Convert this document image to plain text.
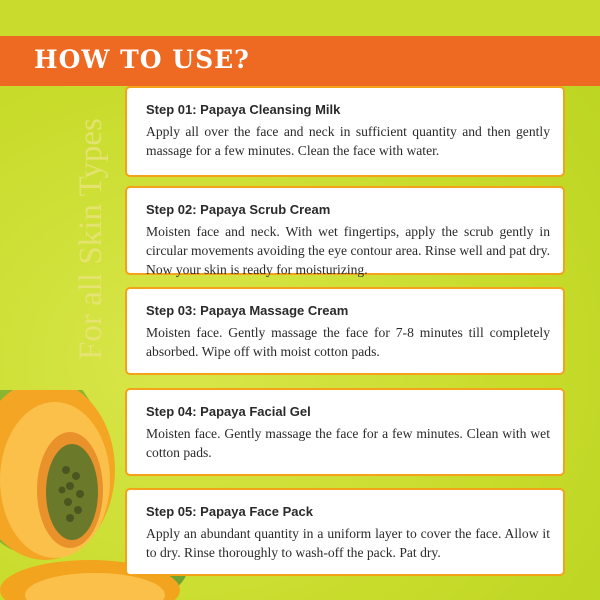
HOW TO USE?
For all Skin Types
Step 01: Papaya Cleansing Milk
Apply all over the face and neck in sufficient quantity and then gently massage for a few minutes. Clean the face with water.
Step 02: Papaya Scrub Cream
Moisten face and neck. With wet fingertips, apply the scrub gently in circular movements avoiding the eye contour area. Rinse well and pat dry. Now your skin is ready for moisturizing.
Step 03: Papaya Massage Cream
Moisten face. Gently massage the face for 7-8 minutes till completely absorbed. Wipe off with moist cotton pads.
Step 04: Papaya Facial Gel
Moisten face. Gently massage the face for a few minutes. Clean with wet cotton pads.
Step 05: Papaya Face Pack
Apply an abundant quantity in a uniform layer to cover the face. Allow it to dry. Rinse thoroughly to wash-off the pack. Pat dry.
